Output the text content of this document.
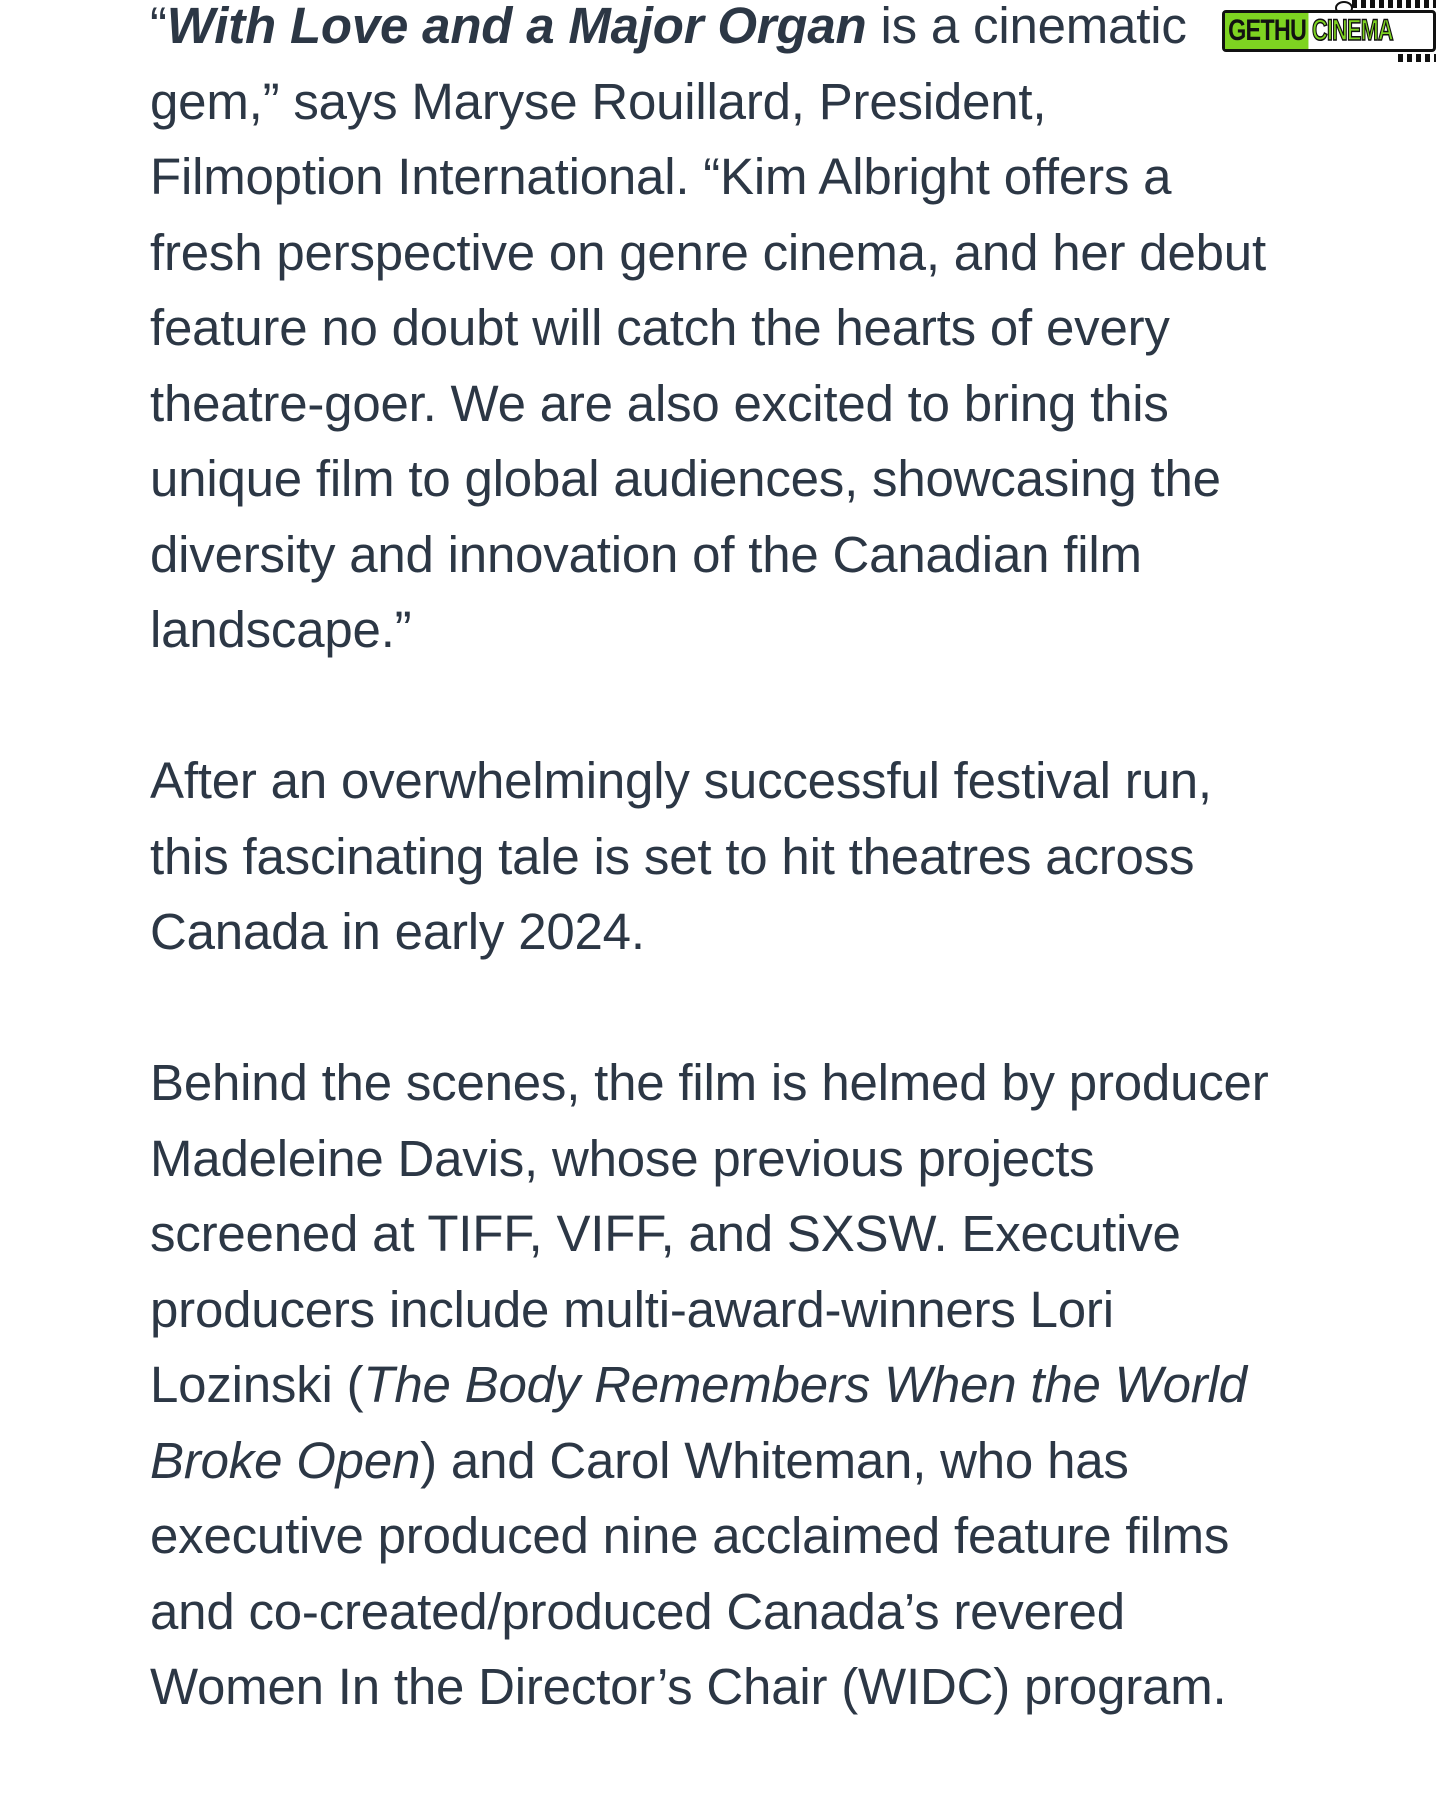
“With Love and a Major Organ is a cinematic gem,” says Maryse Rouillard, President, Filmoption International. “Kim Albright offers a fresh perspective on genre cinema, and her debut feature no doubt will catch the hearts of every theatre-goer. We are also excited to bring this unique film to global audiences, showcasing the diversity and innovation of the Canadian film landscape.”

After an overwhelmingly successful festival run, this fascinating tale is set to hit theatres across Canada in early 2024.

Behind the scenes, the film is helmed by producer Madeleine Davis, whose previous projects screened at TIFF, VIFF, and SXSW. Executive producers include multi-award-winners Lori Lozinski (The Body Remembers When the World Broke Open) and Carol Whiteman, who has executive produced nine acclaimed feature films and co-created/produced Canada’s revered Women In the Director’s Chair (WIDC) program.

GETHU CINEMA
